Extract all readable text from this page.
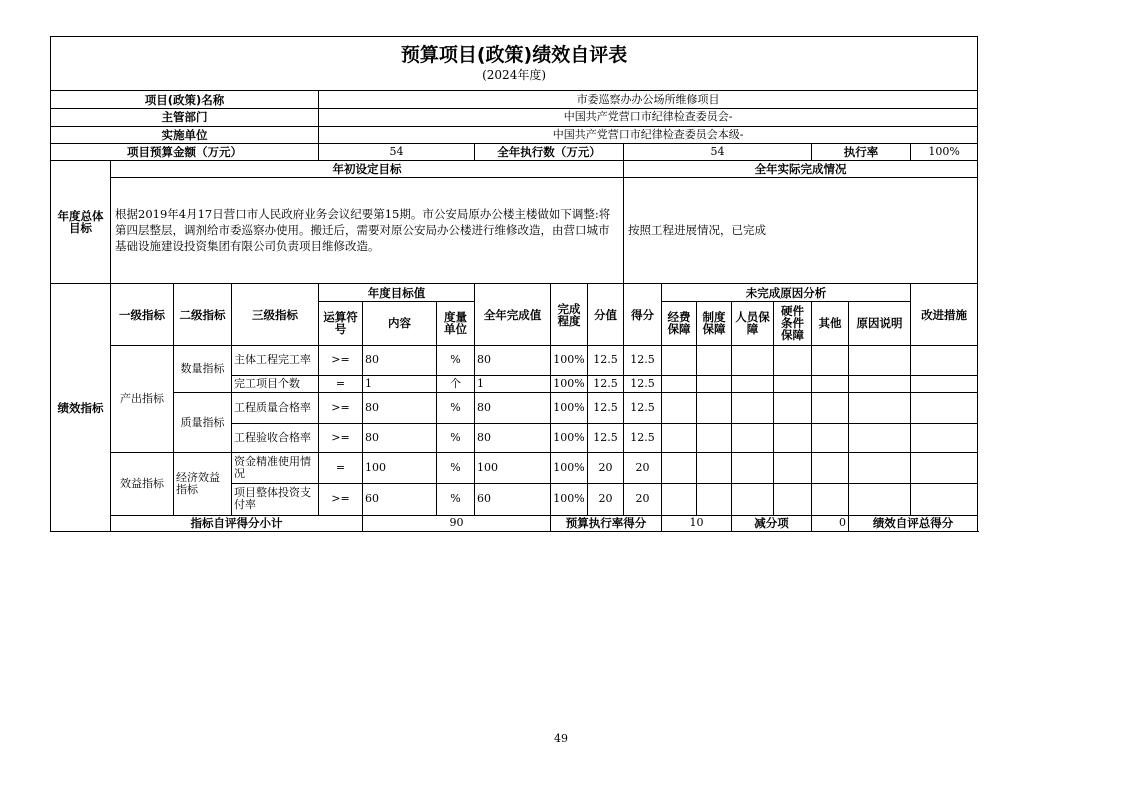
预算项目(政策)绩效自评表
(2024年度)																		

项目(政策)名称				市委巡察办办公场所维修项目														
主管部门				中国共产党营口市纪律检查委员会-														
实施单位				中国共产党营口市纪律检查委员会本级-														
项目预算金额（万元）				54			全年执行数（万元）			54					执行率		100%	
年度总体目标	年初设定目标									全年实际完成情况								

	根据2019年4月17日营口市人民政府业务会议纪要第15期。市公安局原办公楼主楼做如下调整:将第四层整层，调剂给市委巡察办使用。搬迁后，需要对原公安局办公楼进行维修改造，由营口城市基础设施建设投资集团有限公司负责项目维修改造。									按照工程进展情况，已完成								

绩效指标	一级指标	二级指标	三级指标	年度目标值			全年完成值	完成程度	分值	得分	未完成原因分析						改进措施	
				运算符号	内容	度量单位					经费保障	制度保障	人员保障	硬件条件保障	其他	原因说明		
	产出指标	数量指标	主体工程完工率	>=	80	%	80	100%	12.5	12.5								
			完工项目个数	=	1	个	1	100%	12.5	12.5								
		质量指标	工程质量合格率	>=	80	%	80	100%	12.5	12.5								
			工程验收合格率	>=	80	%	80	100%	12.5	12.5								
	效益指标	经济效益指标	资金精准使用情况	=	100	%	100	100%	20	20								
			项目整体投资支付率	>=	60	%	60	100%	20	20								
	指标自评得分小计				90			预算执行率得分			10		减分项		0	绩效自评总得分	
49
